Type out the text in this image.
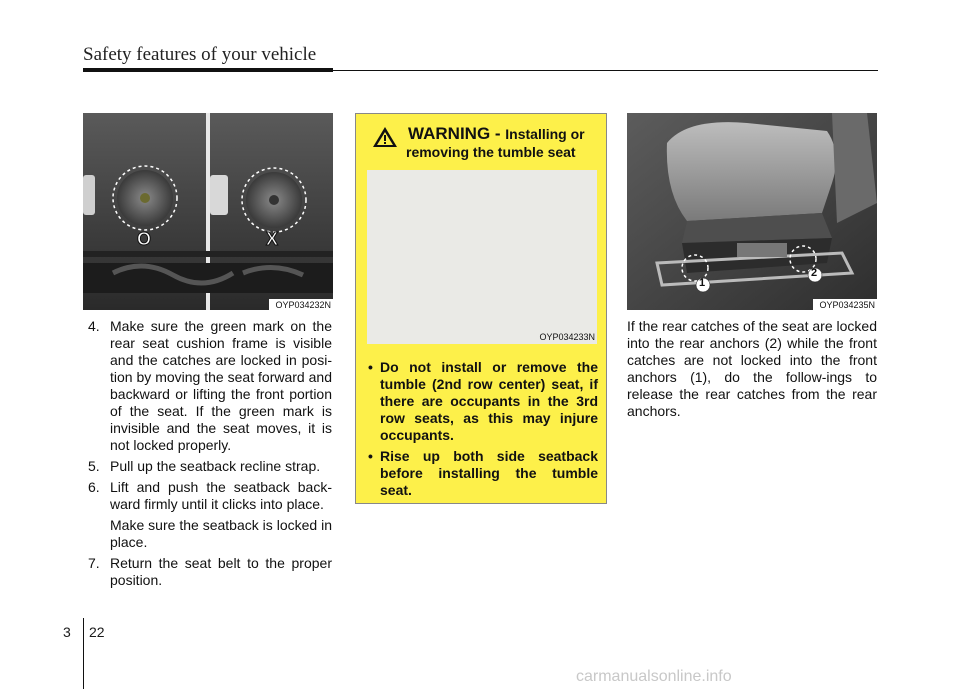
Safety features of your vehicle
O	X
OYP034232N
4. Make sure the green mark on the rear seat cushion frame is visible and the catches are locked in posi-tion by moving the seat forward and backward or lifting the front portion of the seat. If the green mark is invisible and the seat moves, it is not locked properly.
5. Pull up the seatback recline strap.
6. Lift and push the seatback back-ward firmly until it clicks into place.
Make sure the seatback is locked in place.
7. Return the seat belt to the proper position.
WARNING - Installing or
removing the tumble seat
OYP034233N
• Do not install or remove the tumble (2nd row center) seat, if there are occupants in the 3rd row seats, as this may injure occupants.
• Rise up both side seatback before installing the tumble seat.
1
2
OYP034235N
If the rear catches of the seat are locked into the rear anchors (2) while the front catches are not locked into the front anchors (1), do the follow-ings to release the rear catches from the rear anchors.
3 22
carmanualsonline.info
